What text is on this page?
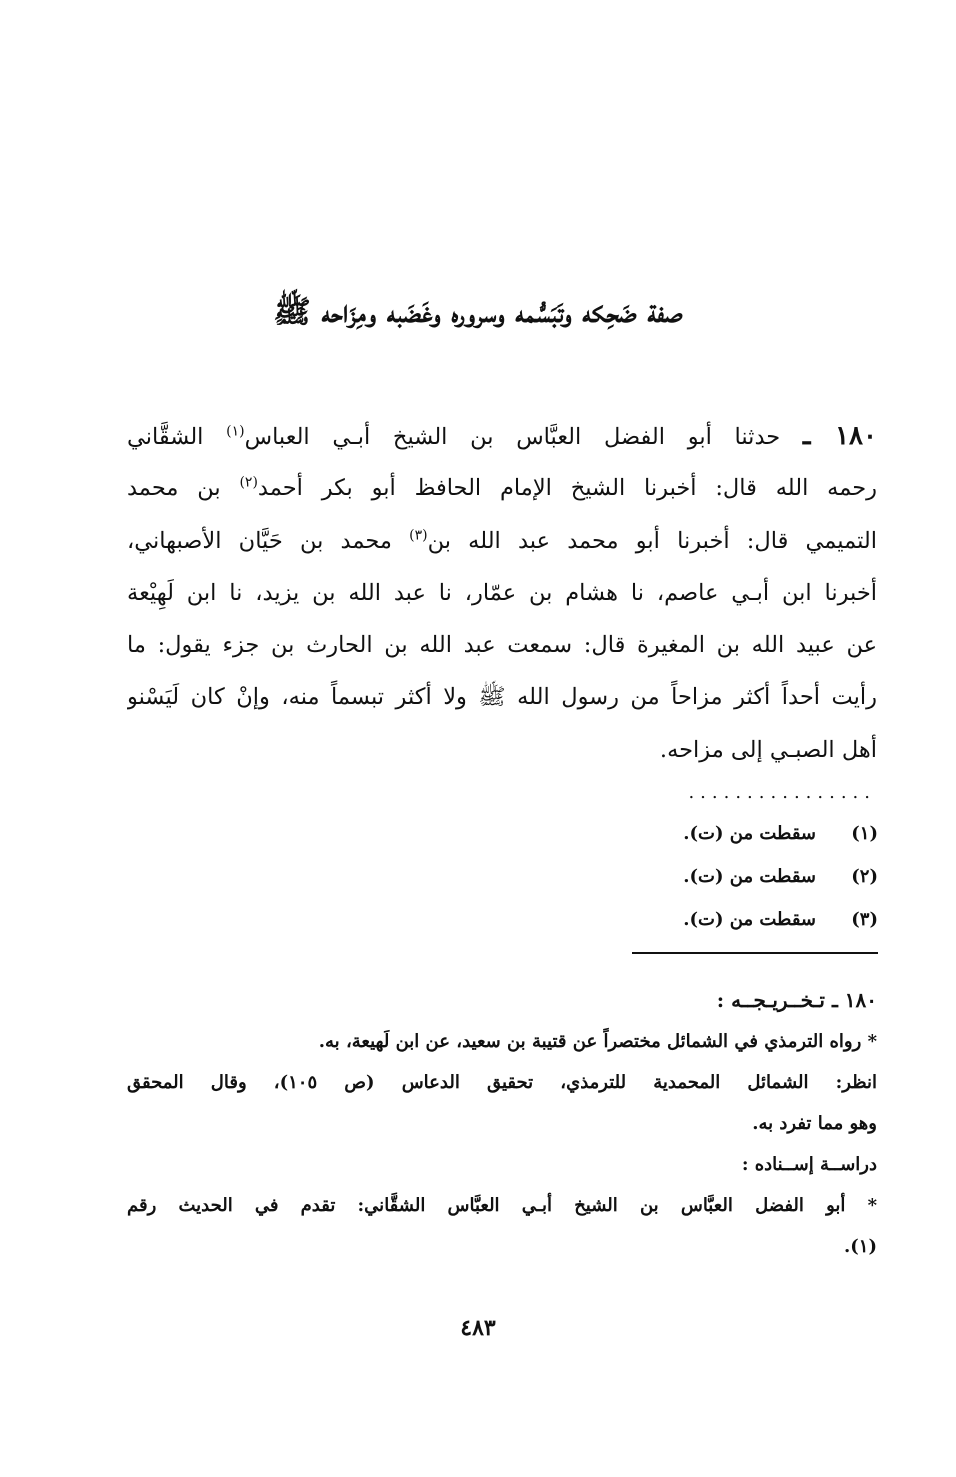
صفة ضَحِكه وتَبَسُّمه وسروره وغَضَبه ومِزَاحه ﷺ
١٨٠ ـ حدثنا أبو الفضل العبَّاس بن الشيخ أبـي العباس$^{(١)}$ الشقَّاني
رحمه الله قال: أخبرنا الشيخ الإمام الحافظ أبو بكر أحمد$^{(٢)}$ بن محمد
التميمي قال: أخبرنا أبو محمد عبد الله بن$^{(٣)}$ محمد بن حَيَّان الأصبهاني،
أخبرنا ابن أبـي عاصم، نا هشام بن عمّار، نا عبد الله بن يزيد، نا ابن لَهِيْعة
عن عبيد الله بن المغيرة قال: سمعت عبد الله بن الحارث بن جزء يقول: ما
رأيت أحداً أكثر مزاحاً من رسول الله ﷺ ولا أكثر تبسماً منه، وإنْ كان لَيَسْنو
أهل الصبـي إلى مزاحه.
................
(١)سقطت من (ت).
(٢)سقطت من (ت).
(٣)سقطت من (ت).
١٨٠ ـ تـخــريـجــه :
* رواه الترمذي في الشمائل مختصراً عن قتيبة بن سعيد، عن ابن لَهيعة، به.
انظر: الشمائل المحمدية للترمذي، تحقيق الدعاس (ص ١٠٥)، وقال المحقق
وهو مما تفرد به.
دراســة إســناده :
* أبو الفضل العبَّاس بن الشيخ أبـي العبَّاس الشقَّاني: تقدم في الحديث رقم
(١).
٤٨٣
